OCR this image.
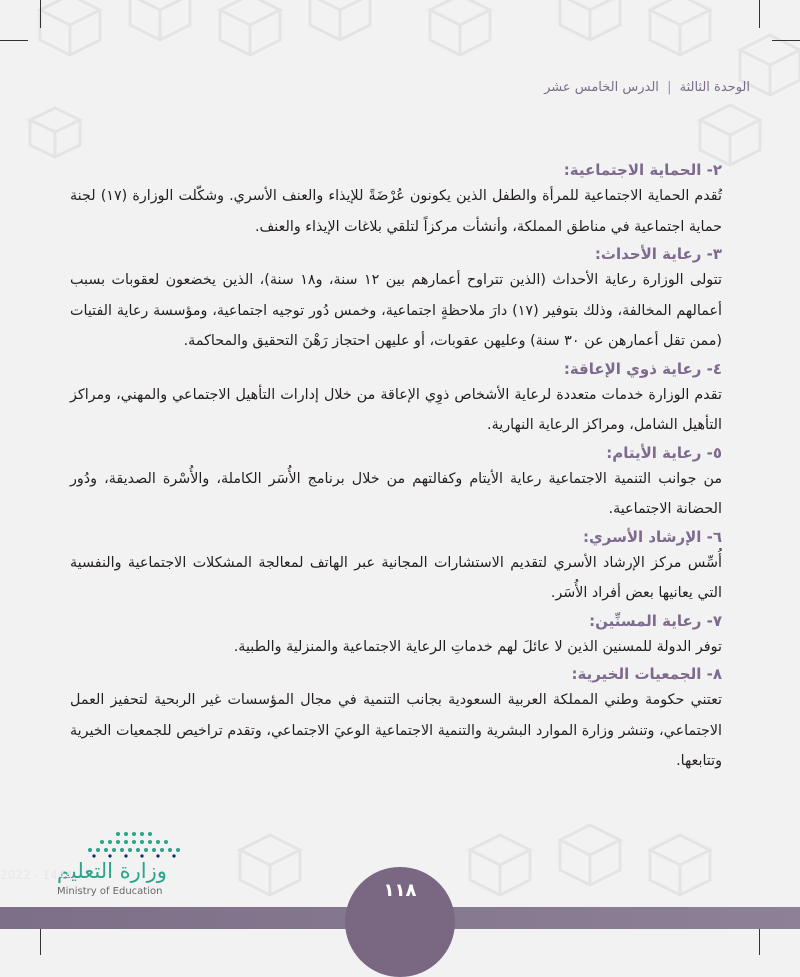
الوحدة الثالثة | الدرس الخامس عشر
٢- الحماية الاجتماعية:

تُقدم الحماية الاجتماعية للمرأة والطفل الذين يكونون عُرْضَةً للإيذاء والعنف الأسري. وشكّلت الوزارة (١٧) لجنة حماية اجتماعية في مناطق المملكة، وأنشأت مركزاً لتلقي بلاغات الإيذاء والعنف.

٣- رعاية الأحداث:

تتولى الوزارة رعاية الأحداث (الذين تتراوح أعمارهم بين ١٢ سنة، و١٨ سنة)، الذين يخضعون لعقوبات بسبب أعمالهم المخالفة، وذلك بتوفير (١٧) دارَ ملاحظةٍ اجتماعية، وخمس دُور توجيه اجتماعية، ومؤسسة رعاية الفتيات (ممن تقل أعمارهن عن ٣٠ سنة) وعليهن عقوبات، أو عليهن احتجاز رَهْنَ التحقيق والمحاكمة.

٤- رعاية ذوي الإعاقة:

تقدم الوزارة خدمات متعددة لرعاية الأشخاص ذوِي الإعاقة من خلال إدارات التأهيل الاجتماعي والمهني، ومراكز التأهيل الشامل، ومراكز الرعاية النهارية.

٥- رعاية الأيتام:

من جوانب التنمية الاجتماعية رعاية الأيتام وكفالتهم من خلال برنامج الأُسَر الكاملة، والأُسْرة الصديقة، ودُور الحضانة الاجتماعية.

٦- الإرشاد الأسري:

أُسِّس مركز الإرشاد الأسري لتقديم الاستشارات المجانية عبر الهاتف لمعالجة المشكلات الاجتماعية والنفسية التي يعانيها بعض أفراد الأُسَر.

٧- رعاية المسنِّين:

توفر الدولة للمسنين الذين لا عائلَ لهم خدماتِ الرعاية الاجتماعية والمنزلية والطبية.

٨- الجمعيات الخيرية:

تعتني حكومة وطني المملكة العربية السعودية بجانب التنمية في مجال المؤسسات غير الربحية لتحفيز العمل الاجتماعي، وتنشر وزارة الموارد البشرية والتنمية الاجتماعية الوعيَ الاجتماعي، وتقدم تراخيص للجمعيات الخيرية وتتابعها.

وزارة التعليم
Ministry of Education
2022 - 1444
١١٨
